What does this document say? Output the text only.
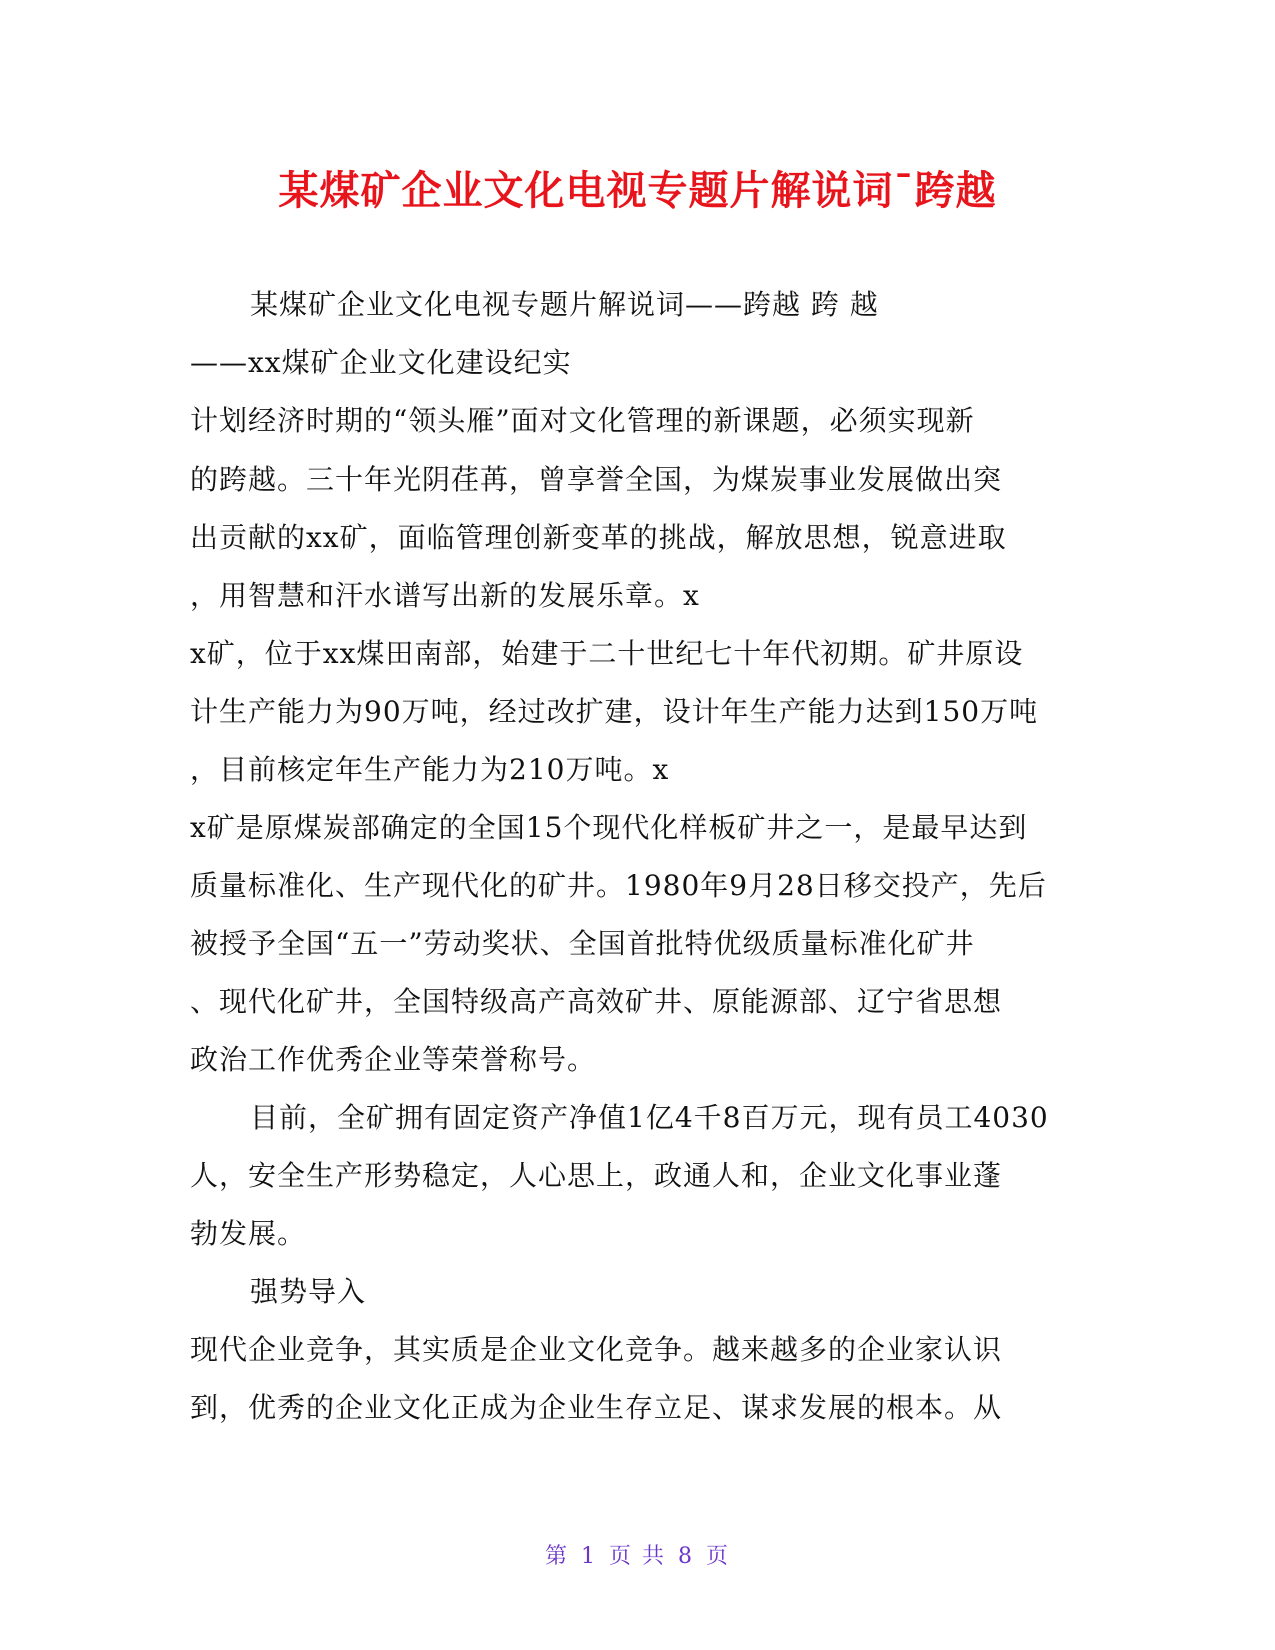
某煤矿企业文化电视专题片解说词¯跨越
某煤矿企业文化电视专题片解说词——跨越 跨 越
——xx煤矿企业文化建设纪实
计划经济时期的“领头雁”面对文化管理的新课题，必须实现新
的跨越。三十年光阴荏苒，曾享誉全国，为煤炭事业发展做出突
出贡献的xx矿，面临管理创新变革的挑战，解放思想，锐意进取
，用智慧和汗水谱写出新的发展乐章。x
x矿，位于xx煤田南部，始建于二十世纪七十年代初期。矿井原设
计生产能力为90万吨，经过改扩建，设计年生产能力达到150万吨
，目前核定年生产能力为210万吨。x
x矿是原煤炭部确定的全国15个现代化样板矿井之一，是最早达到
质量标准化、生产现代化的矿井。1980年9月28日移交投产，先后
被授予全国“五一”劳动奖状、全国首批特优级质量标准化矿井
、现代化矿井，全国特级高产高效矿井、原能源部、辽宁省思想
政治工作优秀企业等荣誉称号。
目前，全矿拥有固定资产净值1亿4千8百万元，现有员工4030
人，安全生产形势稳定，人心思上，政通人和，企业文化事业蓬
勃发展。
强势导入
现代企业竞争，其实质是企业文化竞争。越来越多的企业家认识
到，优秀的企业文化正成为企业生存立足、谋求发展的根本。从
第 1 页 共 8 页
